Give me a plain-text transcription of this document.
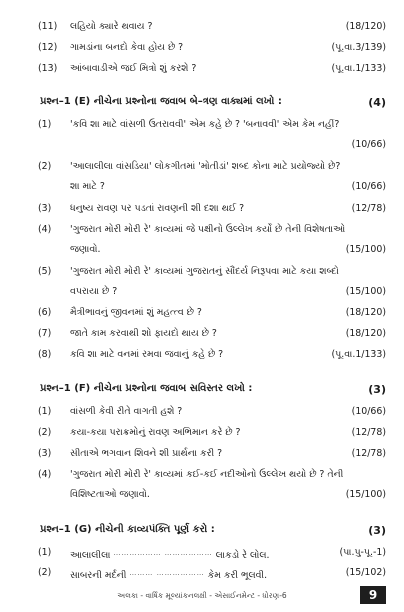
(11)	લહિયો ક્યારે થવાય ?	(18/120)
(12)	ગામડાંના બનદો કેવા હોય છે ?	(પૂ.વા.3/139)
(13)	આંબાવાડીએ જઈ મિત્રો શું કરશે ?	(પૂ.વા.1/133)
પ્રશ્ન–1 (E) નીચેના પ્રશ્નોના જવાબ બે–ત્રણ વાક્યમાં લખો :	(4)
(1)	'કવિ શા માટે વાંસળી ઉતરાવવી' એમ કહે છે ? 'બનાવવી' એમ કેમ નહીં?
(10/66)
(2)	'આલાલીલા વાંસડિયા' લોકગીતમાં 'મોતીડાં' શબ્દ કોના માટે પ્રયોજ્યો છે?
શા માટે ?	(10/66)
(3)	ધનુષ્ય રાવણ પર પડતાં રાવણની શી દશા થઈ ?	(12/78)
(4)	'ગુજરાત મોરી મોરી રે' કાવ્યમાં જે પક્ષીનો ઉલ્લેખ કર્યો છે તેની વિશેષતાઓ
જણાવો.	(15/100)
(5)	'ગુજરાત મોરી મોરી રે' કાવ્યમાં ગુજરાતનું સૌંદર્ય નિરૂપવા માટે કયા શબ્દો
વપરાયા છે ?	(15/100)
(6)	મૈત્રીભાવનું જીવનમાં શું મહત્ત્વ છે ?	(18/120)
(7)	જાતે કામ કરવાથી શો ફાયદો થાય છે ?	(18/120)
(8)	કવિ શા માટે વનમાં રમવા જવાનું કહે છે ?	(પૂ.વા.1/133)
પ્રશ્ન–1 (F) નીચેના પ્રશ્નોના જવાબ સવિસ્તર લખો :	(3)
(1)	વાંસળી કેવી રીતે વાગતી હશે ?	(10/66)
(2)	કયા-કયા પરાક્રમોનું રાવણ અભિમાન કરે છે ?	(12/78)
(3)	સીતાએ ભગવાન શિવને શી પ્રાર્થના કરી ?	(12/78)
(4)	'ગુજરાત મોરી મોરી રે' કાવ્યમાં કઈ-કઈ નદીઓનો ઉલ્લેખ થયો છે ? તેની
વિશિષ્ટતાઓ જણાવો.	(15/100)
પ્રશ્ન–1 (G) નીચેની કાવ્યપંક્તિ પૂર્ણ કરો :	(3)
(1)	આલાલીલા ……………… ……………… લાકડો રે લોલ.	(પા.પુ-પૂ.-1)
(2)	સાબરની મર્દની ……… ……………… કેમ કરી ભૂલવી.	(15/102)
અલકા - વાર્ષિક મૂલ્યાંકનલક્ષી - એસાઈનમેન્ટ - ધોરણ-6	9
